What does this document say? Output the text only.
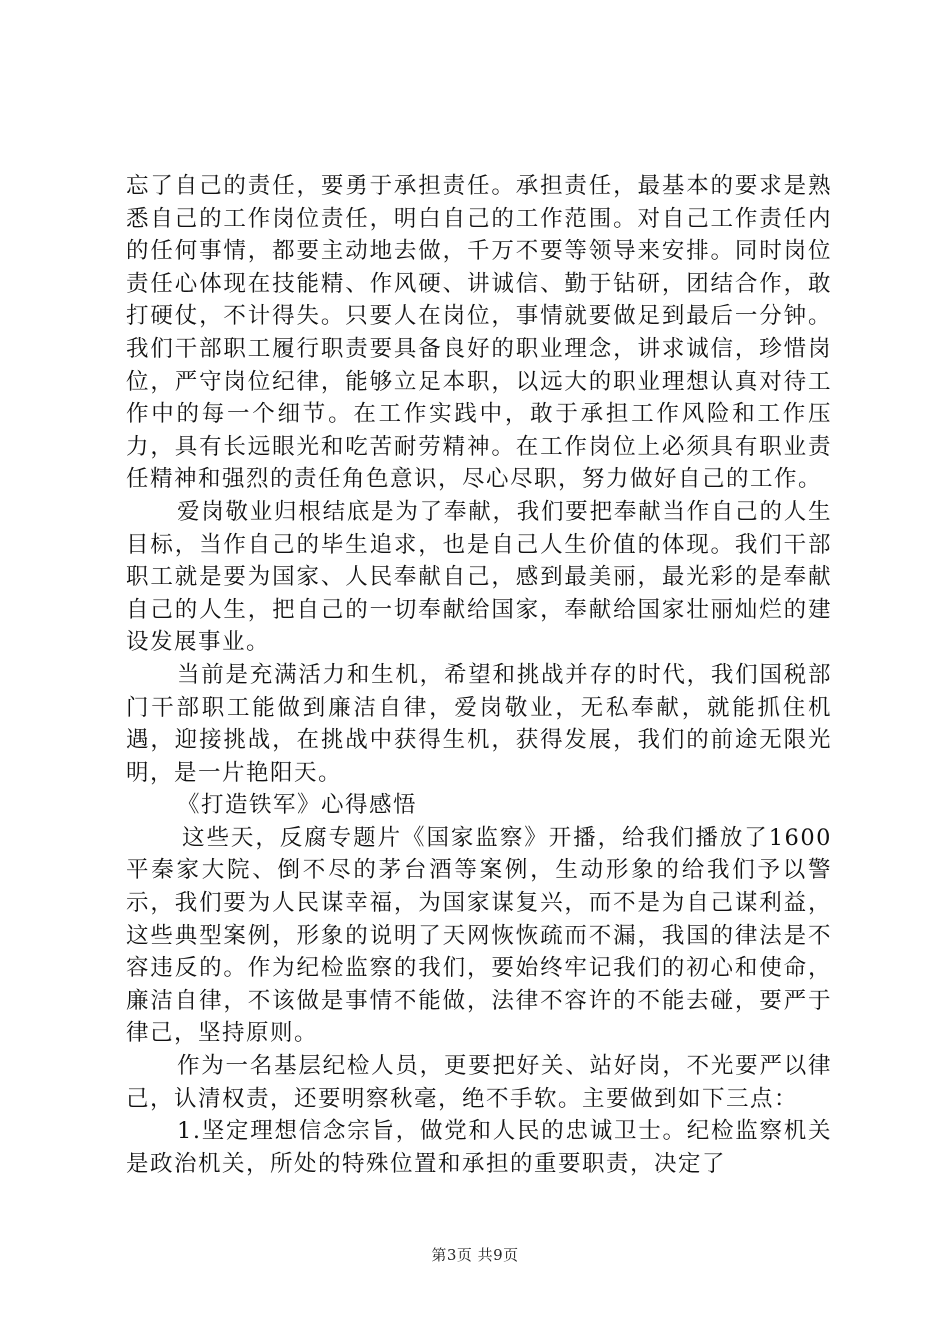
忘了自己的责任，要勇于承担责任。承担责任，最基本的要求是熟悉自己的工作岗位责任，明白自己的工作范围。对自己工作责任内的任何事情，都要主动地去做，千万不要等领导来安排。同时岗位责任心体现在技能精、作风硬、讲诚信、勤于钻研，团结合作，敢打硬仗，不计得失。只要人在岗位，事情就要做足到最后一分钟。我们干部职工履行职责要具备良好的职业理念，讲求诚信，珍惜岗位，严守岗位纪律，能够立足本职，以远大的职业理想认真对待工作中的每一个细节。在工作实践中，敢于承担工作风险和工作压力，具有长远眼光和吃苦耐劳精神。在工作岗位上必须具有职业责任精神和强烈的责任角色意识，尽心尽职，努力做好自己的工作。

爱岗敬业归根结底是为了奉献，我们要把奉献当作自己的人生目标，当作自己的毕生追求，也是自己人生价值的体现。我们干部职工就是要为国家、人民奉献自己，感到最美丽，最光彩的是奉献自己的人生，把自己的一切奉献给国家，奉献给国家壮丽灿烂的建设发展事业。

当前是充满活力和生机，希望和挑战并存的时代，我们国税部门干部职工能做到廉洁自律，爱岗敬业，无私奉献，就能抓住机遇，迎接挑战，在挑战中获得生机，获得发展，我们的前途无限光明，是一片艳阳天。

《打造铁军》心得感悟

这些天，反腐专题片《国家监察》开播，给我们播放了1600平秦家大院、倒不尽的茅台酒等案例，生动形象的给我们予以警示，我们要为人民谋幸福，为国家谋复兴，而不是为自己谋利益，这些典型案例，形象的说明了天网恢恢疏而不漏，我国的律法是不容违反的。作为纪检监察的我们，要始终牢记我们的初心和使命，廉洁自律，不该做是事情不能做，法律不容许的不能去碰，要严于律己，坚持原则。

作为一名基层纪检人员，更要把好关、站好岗，不光要严以律己，认清权责，还要明察秋毫，绝不手软。主要做到如下三点：

1.坚定理想信念宗旨，做党和人民的忠诚卫士。纪检监察机关是政治机关，所处的特殊位置和承担的重要职责，决定了

第3页 共9页
